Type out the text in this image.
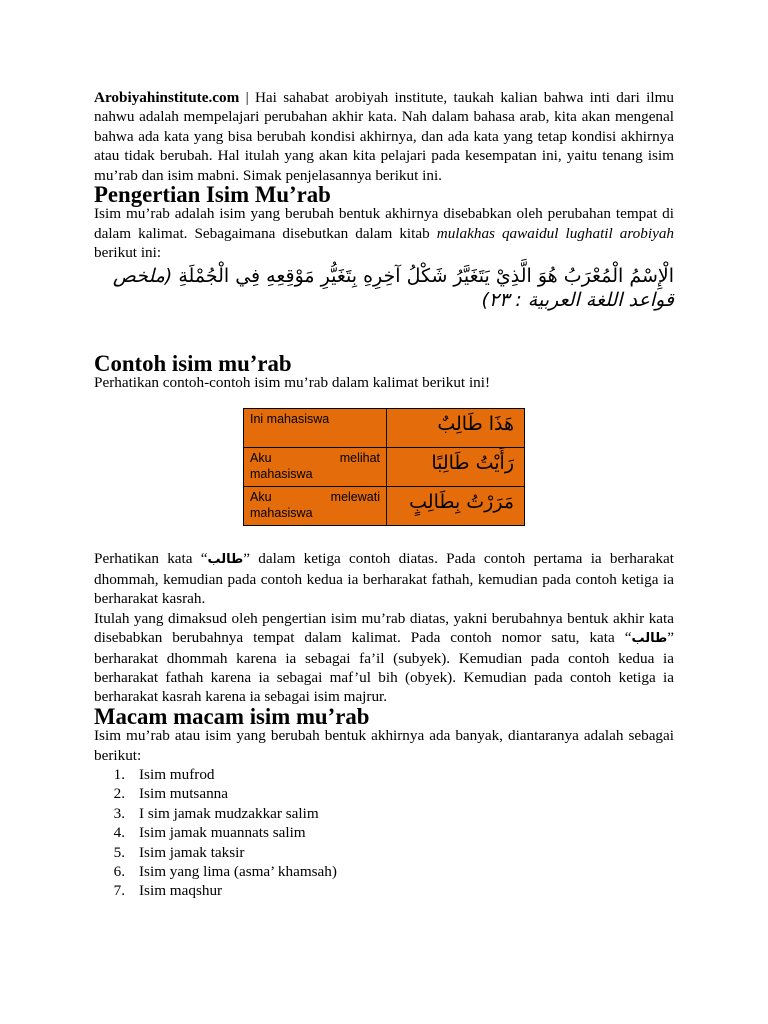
Arobiyahinstitute.com | Hai sahabat arobiyah institute, taukah kalian bahwa inti dari ilmu nahwu adalah mempelajari perubahan akhir kata. Nah dalam bahasa arab, kita akan mengenal bahwa ada kata yang bisa berubah kondisi akhirnya, dan ada kata yang tetap kondisi akhirnya atau tidak berubah. Hal itulah yang akan kita pelajari pada kesempatan ini, yaitu tenang isim mu’rab dan isim mabni. Simak penjelasannya berikut ini.

Pengertian Isim Mu’rab

Isim mu’rab adalah isim yang berubah bentuk akhirnya disebabkan oleh perubahan tempat di dalam kalimat. Sebagaimana disebutkan dalam kitab mulakhas qawaidul lughatil arobiyah berikut ini:

الْإِسْمُ الْمُعْرَبُ هُوَ الَّذِيْ يَتَغَيَّرُ شَكْلُ آخِرِهِ بِتَغَيُّرِ مَوْقِعِهِ فِي الْجُمْلَةِ (ملخص قواعد اللغة العربية : ٢٣)

Contoh isim mu’rab

Perhatikan contoh-contoh isim mu’rab dalam kalimat berikut ini!

Ini mahasiswa	هَذَا طَالِبٌ
Aku melihat mahasiswa	رَأَيْتُ طَالِبًا
Aku melewati mahasiswa	مَرَرْتُ بِطَالِبٍ

Perhatikan kata “طالب” dalam ketiga contoh diatas. Pada contoh pertama ia berharakat dhommah, kemudian pada contoh kedua ia berharakat fathah, kemudian pada contoh ketiga ia berharakat kasrah.

Itulah yang dimaksud oleh pengertian isim mu’rab diatas, yakni berubahnya bentuk akhir kata disebabkan berubahnya tempat dalam kalimat. Pada contoh nomor satu, kata “طالب” berharakat dhommah karena ia sebagai fa’il (subyek). Kemudian pada contoh kedua ia berharakat fathah karena ia sebagai maf’ul bih (obyek). Kemudian pada contoh ketiga ia berharakat kasrah karena ia sebagai isim majrur.

Macam macam isim mu’rab

Isim mu’rab atau isim yang berubah bentuk akhirnya ada banyak, diantaranya adalah sebagai berikut:

1. Isim mufrod
2. Isim mutsanna
3. I sim jamak mudzakkar salim
4. Isim jamak muannats salim
5. Isim jamak taksir
6. Isim yang lima (asma’ khamsah)
7. Isim maqshur
